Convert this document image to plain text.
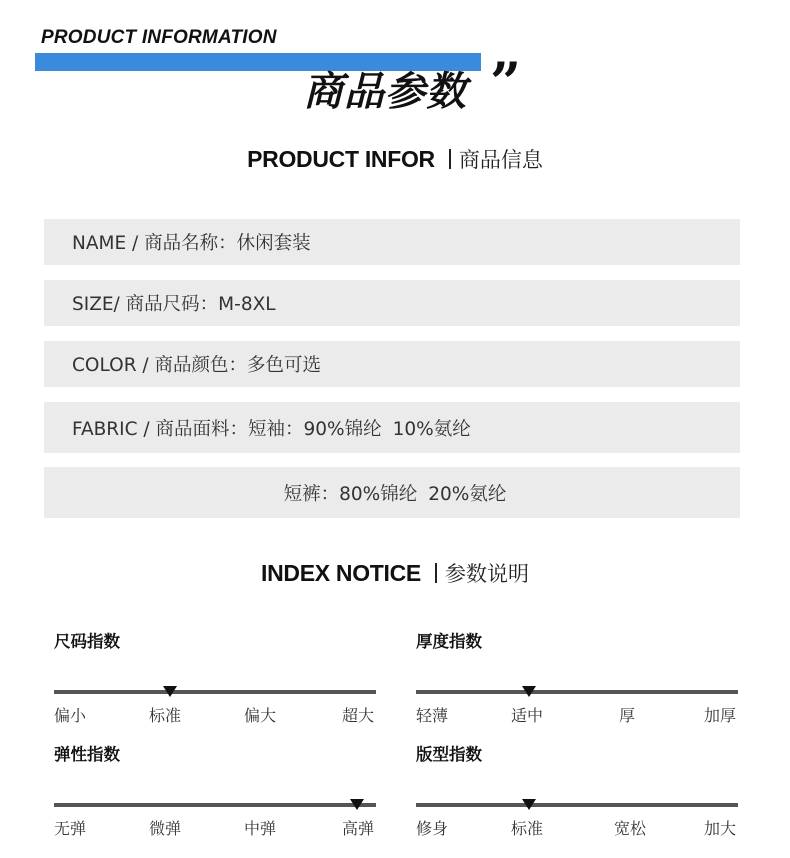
PRODUCT INFORMATION
商品参数 ”
PRODUCT INFOR 商品信息
NAME / 商品名称：休闲套装
SIZE/ 商品尺码：M-8XL
COLOR / 商品颜色：多色可选
FABRIC / 商品面料：短袖：90%锦纶 10%氨纶
短裤：80%锦纶 20%氨纶
INDEX NOTICE 参数说明
尺码指数
偏小	标准	偏大	超大
厚度指数
轻薄	适中	厚	加厚
弹性指数
无弹	微弹	中弹	高弹
版型指数
修身	标准	宽松	加大
